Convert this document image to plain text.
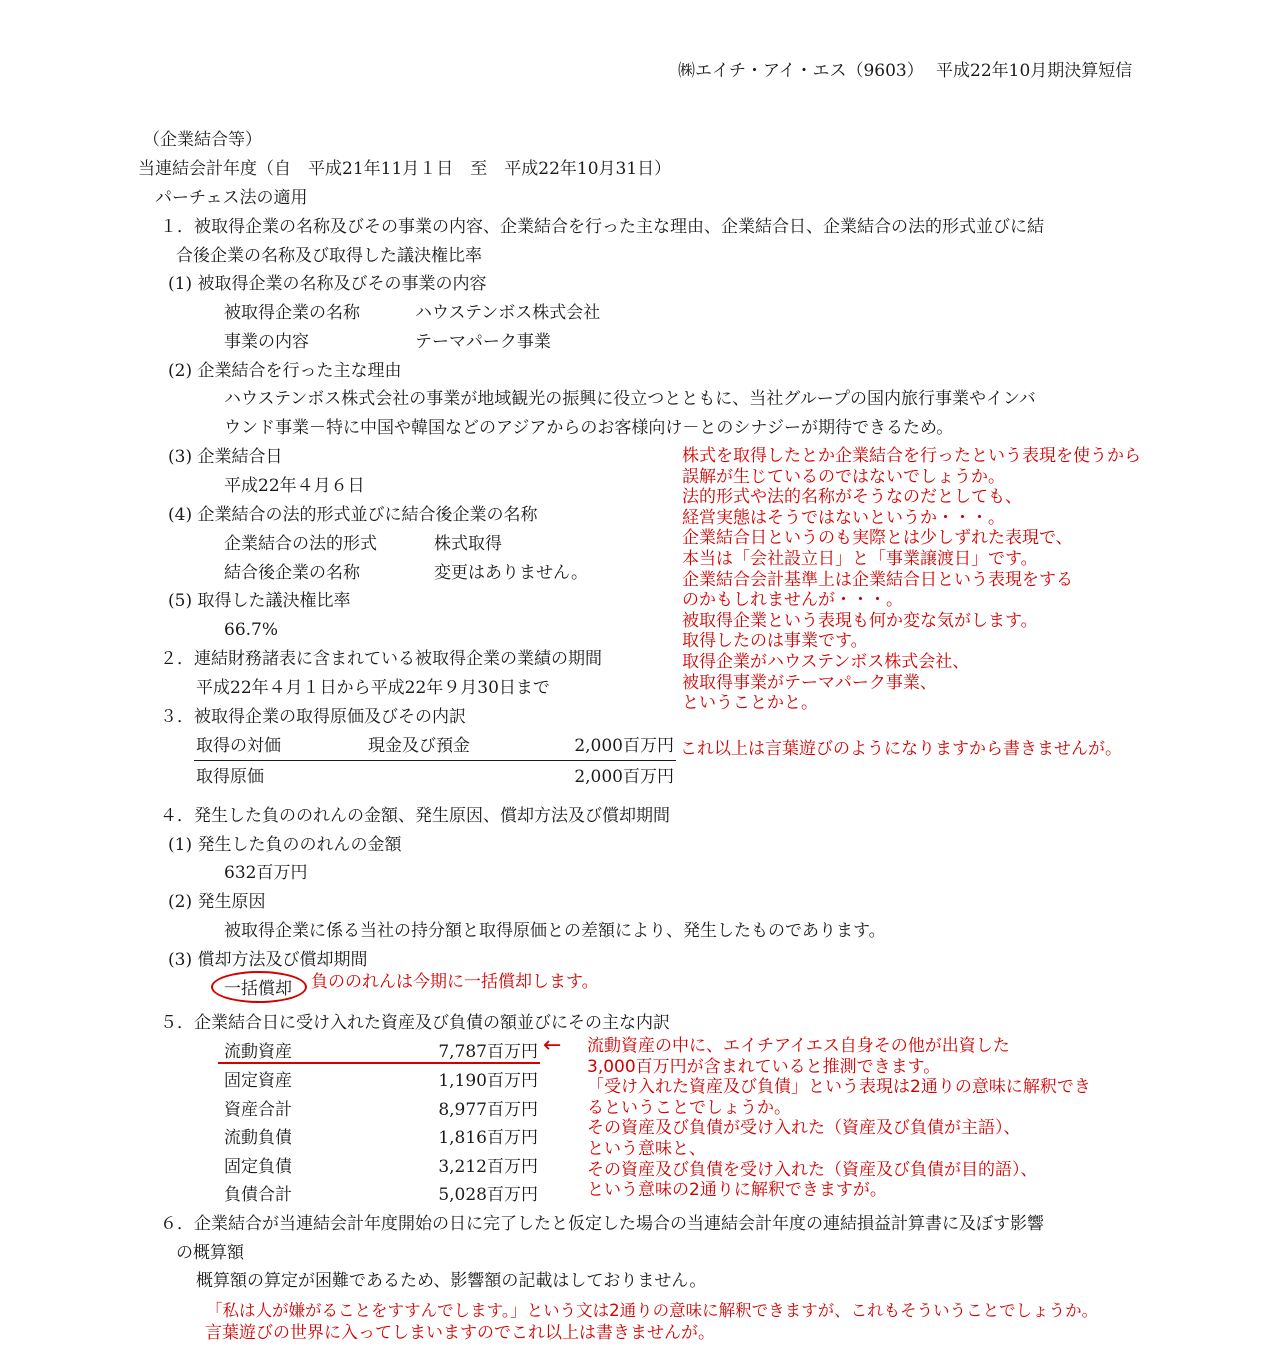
㈱エイチ・アイ・エス（9603） 平成22年10月期決算短信
（企業結合等）
当連結会計年度（自　平成21年11月１日　至　平成22年10月31日）
パーチェス法の適用
１．被取得企業の名称及びその事業の内容、企業結合を行った主な理由、企業結合日、企業結合の法的形式並びに結
合後企業の名称及び取得した議決権比率
(1) 被取得企業の名称及びその事業の内容
被取得企業の名称	ハウステンボス株式会社
事業の内容	テーマパーク事業
(2) 企業結合を行った主な理由
ハウステンボス株式会社の事業が地域観光の振興に役立つとともに、当社グループの国内旅行事業やインバ
ウンド事業－特に中国や韓国などのアジアからのお客様向け－とのシナジーが期待できるため。
(3) 企業結合日
平成22年４月６日
(4) 企業結合の法的形式並びに結合後企業の名称
企業結合の法的形式	株式取得
結合後企業の名称	変更はありません。
(5) 取得した議決権比率
66.7%
２．連結財務諸表に含まれている被取得企業の業績の期間
平成22年４月１日から平成22年９月30日まで
３．被取得企業の取得原価及びその内訳
取得の対価	現金及び預金	2,000百万円
取得原価	2,000百万円
４．発生した負ののれんの金額、発生原因、償却方法及び償却期間
(1) 発生した負ののれんの金額
632百万円
(2) 発生原因
被取得企業に係る当社の持分額と取得原価との差額により、発生したものであります。
(3) 償却方法及び償却期間
一括償却
５．企業結合日に受け入れた資産及び負債の額並びにその主な内訳
流動資産	7,787百万円
固定資産	1,190百万円
資産合計	8,977百万円
流動負債	1,816百万円
固定負債	3,212百万円
負債合計	5,028百万円
６．企業結合が当連結会計年度開始の日に完了したと仮定した場合の当連結会計年度の連結損益計算書に及ぼす影響
の概算額
概算額の算定が困難であるため、影響額の記載はしておりません。
株式を取得したとか企業結合を行ったという表現を使うから
誤解が生じているのではないでしょうか。
法的形式や法的名称がそうなのだとしても、
経営実態はそうではないというか・・・。
企業結合日というのも実際とは少しずれた表現で、
本当は「会社設立日」と「事業譲渡日」です。
企業結合会計基準上は企業結合日という表現をする
のかもしれませんが・・・。
被取得企業という表現も何か変な気がします。
取得したのは事業です。
取得企業がハウステンボス株式会社、
被取得事業がテーマパーク事業、
ということかと。
これ以上は言葉遊びのようになりますから書きませんが。
負ののれんは今期に一括償却します。
← 流動資産の中に、エイチアイエス自身その他が出資した
3,000百万円が含まれていると推測できます。
「受け入れた資産及び負債」という表現は2通りの意味に解釈でき
るということでしょうか。
その資産及び負債が受け入れた（資産及び負債が主語）、
という意味と、
その資産及び負債を受け入れた（資産及び負債が目的語）、
という意味の2通りに解釈できますが。
「私は人が嫌がることをすすんでします。」という文は2通りの意味に解釈できますが、これもそういうことでしょうか。
言葉遊びの世界に入ってしまいますのでこれ以上は書きませんが。
